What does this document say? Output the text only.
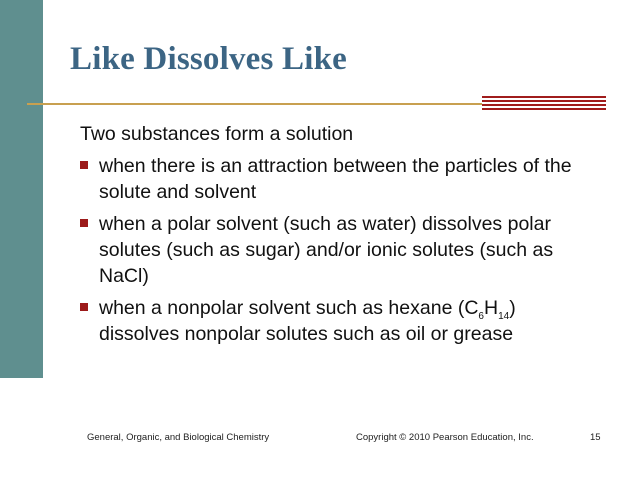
Like Dissolves Like

Two substances form a solution

when there is an attraction between the particles of the solute and solvent
when a polar solvent (such as water) dissolves polar solutes (such as sugar) and/or ionic solutes (such as NaCl)
when a nonpolar solvent such as hexane $(C_6H_{14})$ dissolves nonpolar solutes such as oil or grease
General, Organic, and Biological Chemistry	Copyright © 2010 Pearson Education, Inc.	15
